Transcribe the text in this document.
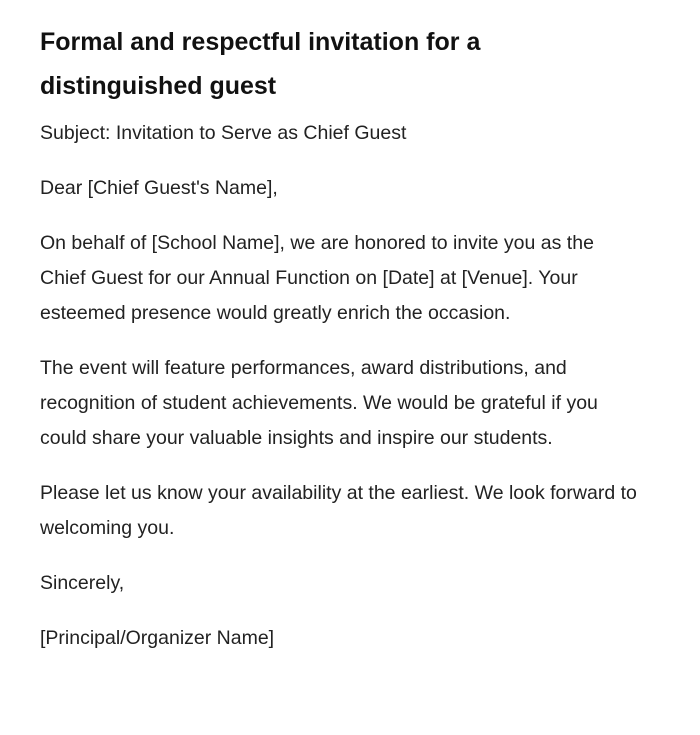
Formal and respectful invitation for a distinguished guest

Subject: Invitation to Serve as Chief Guest

Dear [Chief Guest's Name],

On behalf of [School Name], we are honored to invite you as the Chief Guest for our Annual Function on [Date] at [Venue]. Your esteemed presence would greatly enrich the occasion.

The event will feature performances, award distributions, and recognition of student achievements. We would be grateful if you could share your valuable insights and inspire our students.

Please let us know your availability at the earliest. We look forward to welcoming you.

Sincerely,

[Principal/Organizer Name]
